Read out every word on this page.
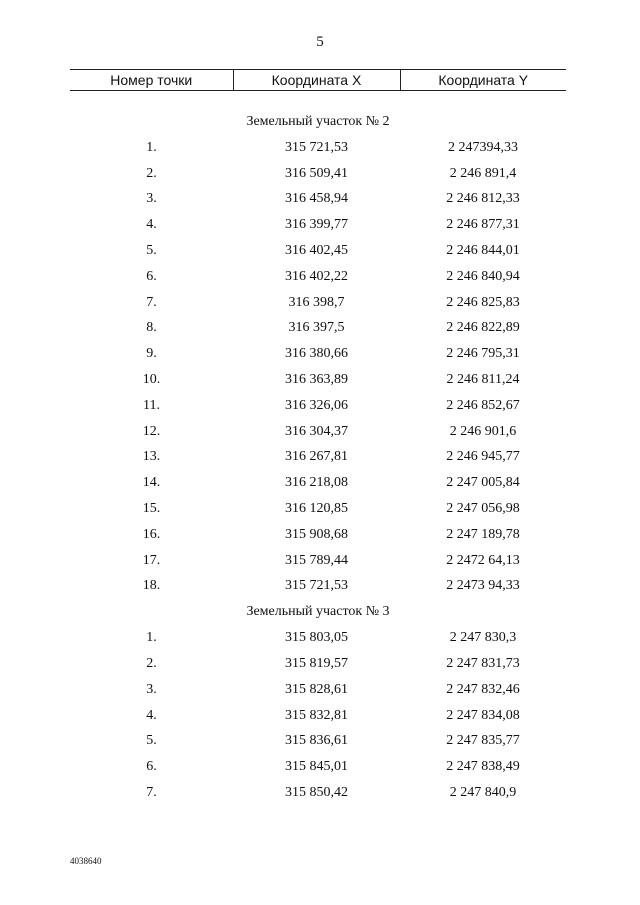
5
Номер точки	Координата X	Координата Y

Земельный участок № 2		
1.	315 721,53	2 247394,33
2.	316 509,41	2 246 891,4
3.	316 458,94	2 246 812,33
4.	316 399,77	2 246 877,31
5.	316 402,45	2 246 844,01
6.	316 402,22	2 246 840,94
7.	316 398,7	2 246 825,83
8.	316 397,5	2 246 822,89
9.	316 380,66	2 246 795,31
10.	316 363,89	2 246 811,24
11.	316 326,06	2 246 852,67
12.	316 304,37	2 246 901,6
13.	316 267,81	2 246 945,77
14.	316 218,08	2 247 005,84
15.	316 120,85	2 247 056,98
16.	315 908,68	2 247 189,78
17.	315 789,44	2 2472 64,13
18.	315 721,53	2 2473 94,33
Земельный участок № 3		
1.	315 803,05	2 247 830,3
2.	315 819,57	2 247 831,73
3.	315 828,61	2 247 832,46
4.	315 832,81	2 247 834,08
5.	315 836,61	2 247 835,77
6.	315 845,01	2 247 838,49
7.	315 850,42	2 247 840,9
4038640
